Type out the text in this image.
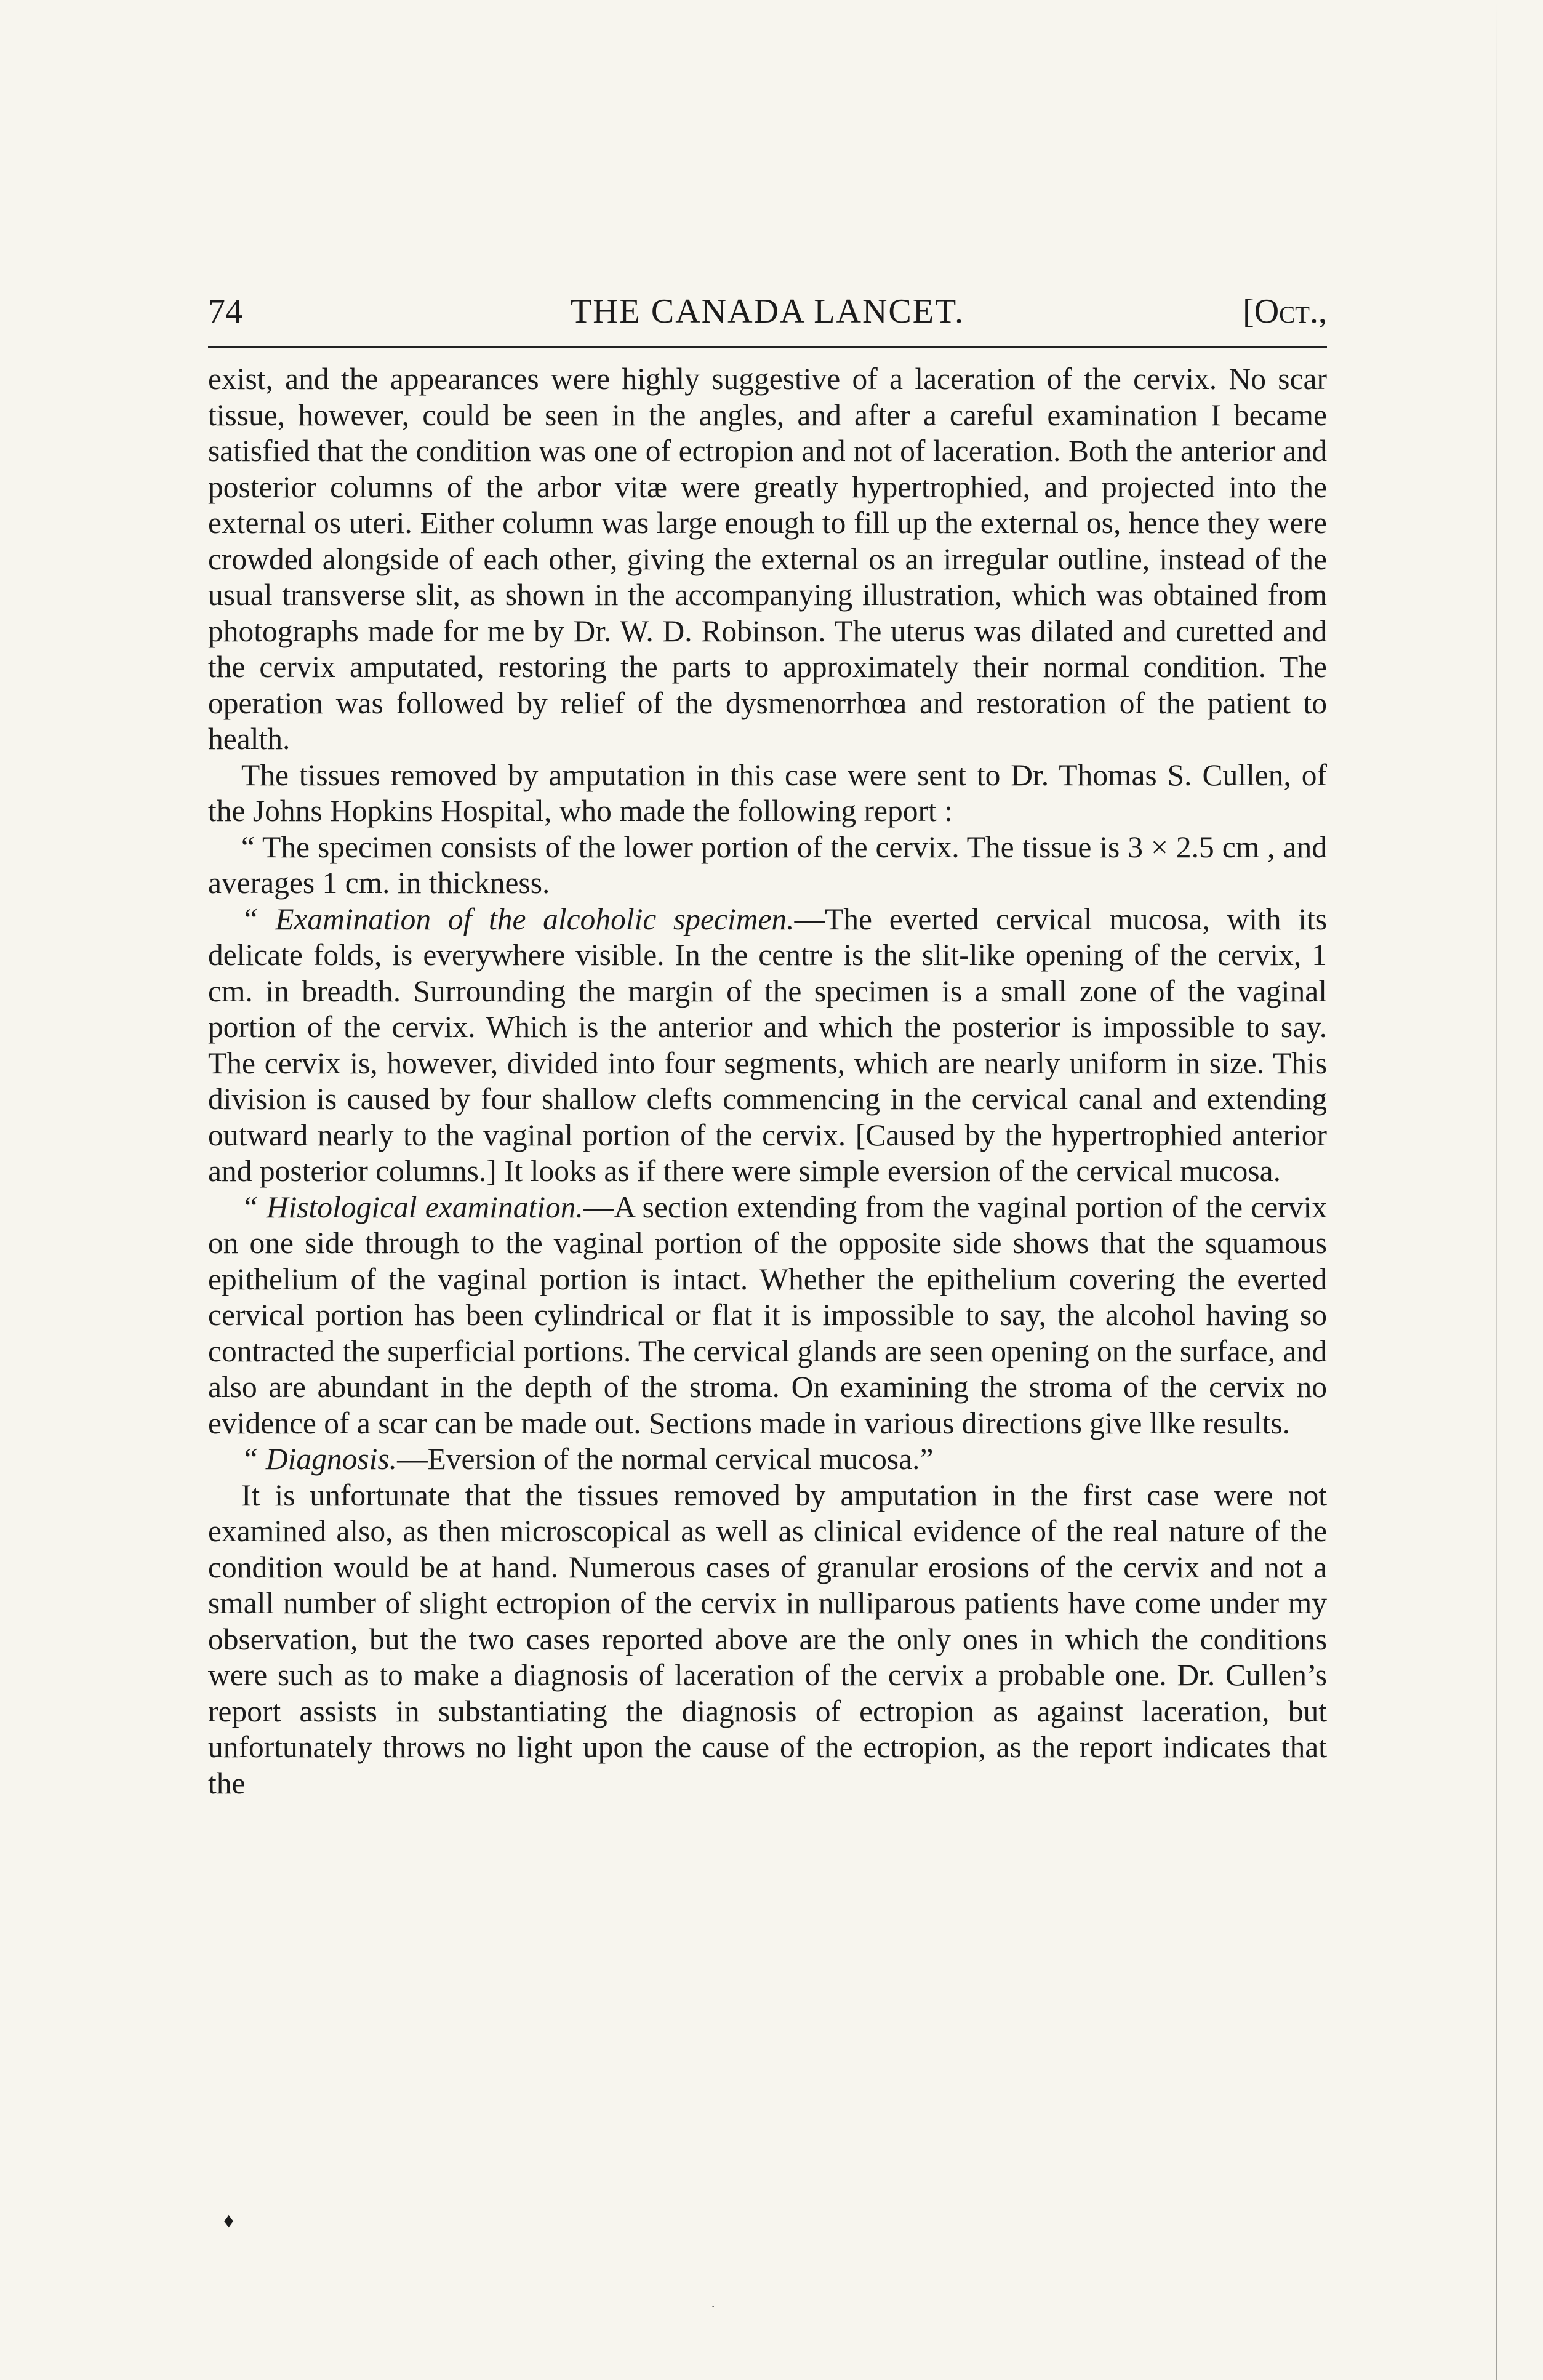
74	THE CANADA LANCET.	[Oct.,

exist, and the appearances were highly suggestive of a laceration of the cervix. No scar tissue, however, could be seen in the angles, and after a careful examination I became satisfied that the condition was one of ectropion and not of laceration. Both the anterior and posterior columns of the arbor vitæ were greatly hypertrophied, and projected into the external os uteri. Either column was large enough to fill up the external os, hence they were crowded alongside of each other, giving the external os an irregular outline, instead of the usual transverse slit, as shown in the accompanying illustration, which was obtained from photographs made for me by Dr. W. D. Robinson. The uterus was dilated and curetted and the cervix amputated, restoring the parts to approximately their normal condition. The operation was followed by relief of the dysmenorrhœa and restoration of the patient to health.

The tissues removed by amputation in this case were sent to Dr. Thomas S. Cullen, of the Johns Hopkins Hospital, who made the following report :

“ The specimen consists of the lower portion of the cervix. The tissue is 3 × 2.5 cm , and averages 1 cm. in thickness.

“ Examination of the alcoholic specimen.—The everted cervical mucosa, with its delicate folds, is everywhere visible. In the centre is the slit-like opening of the cervix, 1 cm. in breadth. Surrounding the margin of the specimen is a small zone of the vaginal portion of the cervix. Which is the anterior and which the posterior is impossible to say. The cervix is, however, divided into four segments, which are nearly uniform in size. This division is caused by four shallow clefts commencing in the cervical canal and extending outward nearly to the vaginal portion of the cervix. [Caused by the hypertrophied anterior and posterior columns.] It looks as if there were simple eversion of the cervical mucosa.

“ Histological examination.—A section extending from the vaginal portion of the cervix on one side through to the vaginal portion of the opposite side shows that the squamous epithelium of the vaginal portion is intact. Whether the epithelium covering the everted cervical portion has been cylindrical or flat it is impossible to say, the alcohol having so contracted the superficial portions. The cervical glands are seen opening on the surface, and also are abundant in the depth of the stroma. On examining the stroma of the cervix no evidence of a scar can be made out. Sections made in various directions give llke results.

“ Diagnosis.—Eversion of the normal cervical mucosa.”

It is unfortunate that the tissues removed by amputation in the first case were not examined also, as then microscopical as well as clinical evidence of the real nature of the condition would be at hand. Numerous cases of granular erosions of the cervix and not a small number of slight ectropion of the cervix in nulliparous patients have come under my observation, but the two cases reported above are the only ones in which the conditions were such as to make a diagnosis of laceration of the cervix a probable one. Dr. Cullen’s report assists in substantiating the diagnosis of ectropion as against laceration, but unfortunately throws no light upon the cause of the ectropion, as the report indicates that the

♦
·
